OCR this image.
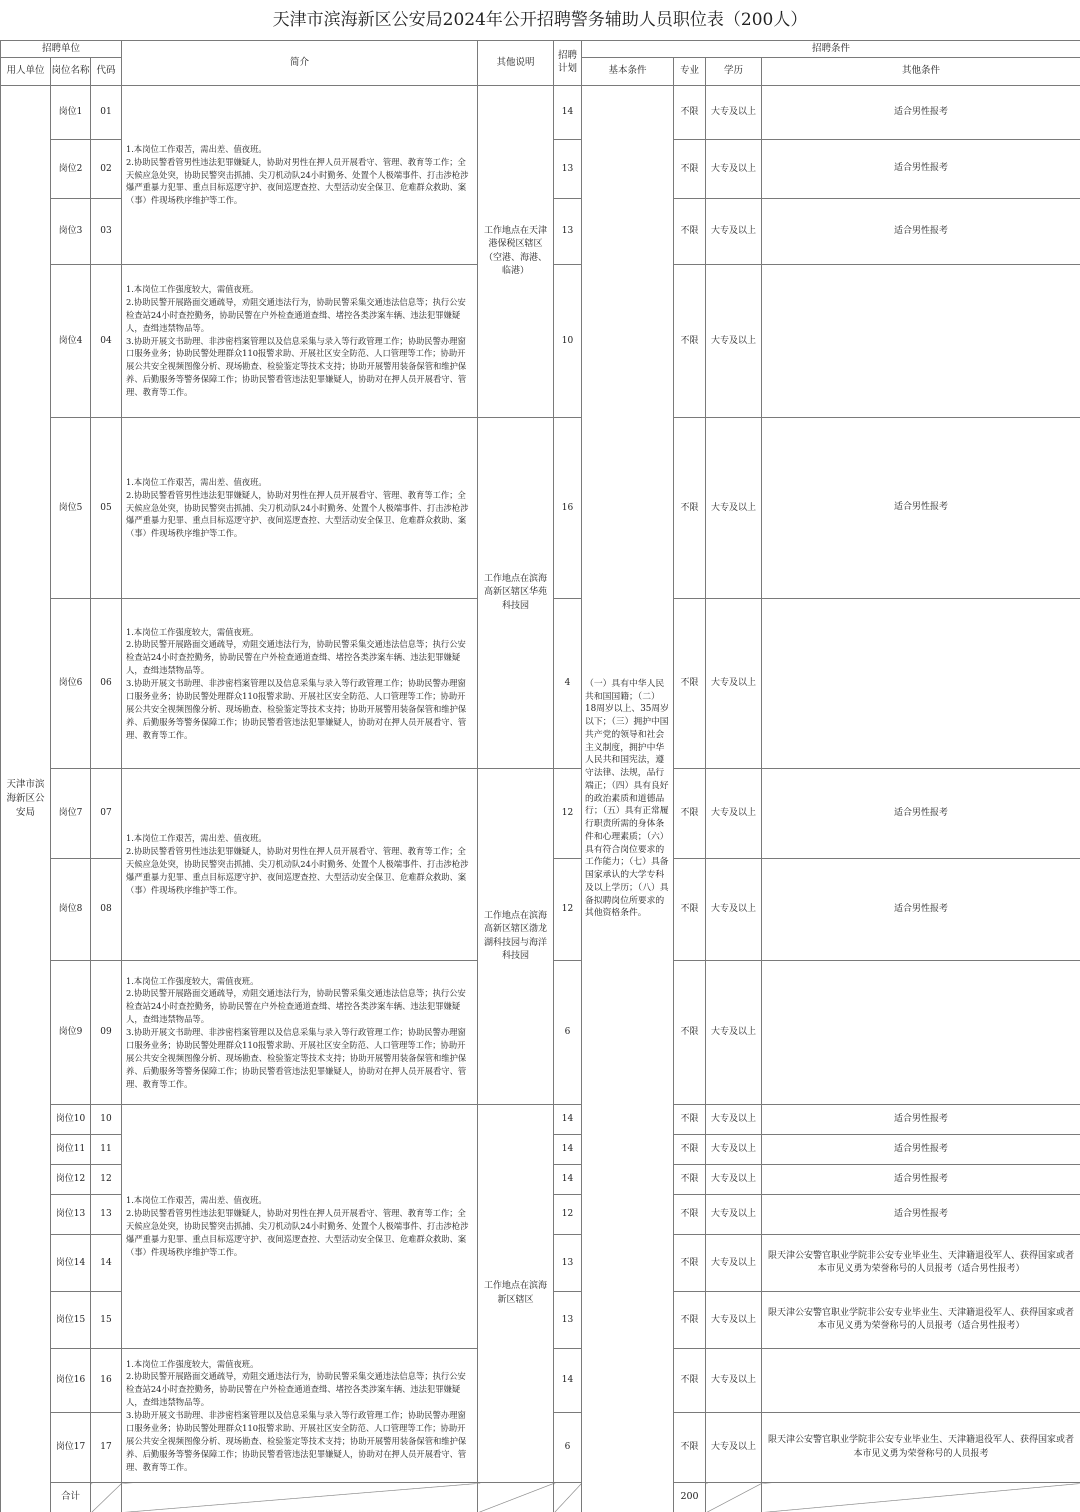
天津市滨海新区公安局2024年公开招聘警务辅助人员职位表（200人）
招聘单位			简介	其他说明	招聘计划	招聘条件				
用人单位	岗位名称	代码				基本条件	专业	学历	其他条件	
天津市滨海新区公安局	岗位1	01	1.本岗位工作艰苦，需出差、值夜班。
2.协助民警看管男性违法犯罪嫌疑人，协助对男性在押人员开展看守、管理、教育等工作；全天候应急处突，协助民警突击抓捕、尖刀机动队24小时勤务、处置个人极端事件、打击涉枪涉爆严重暴力犯罪、重点目标巡逻守护、夜间巡逻查控、大型活动安全保卫、危难群众救助、案（事）件现场秩序维护等工作。	工作地点在天津港保税区辖区（空港、海港、临港）	14	（一）具有中华人民共和国国籍；（二）18周岁以上、35周岁以下；（三）拥护中国共产党的领导和社会主义制度，拥护中华人民共和国宪法，遵守法律、法规，品行端正；（四）具有良好的政治素质和道德品行；（五）具有正常履行职责所需的身体条件和心理素质；（六）具有符合岗位要求的工作能力；（七）具备国家承认的大学专科及以上学历；（八）具备拟聘岗位所要求的其他资格条件。	不限	大专及以上	适合男性报考	
	岗位2	02			13		不限	大专及以上	适合男性报考	
	岗位3	03			13		不限	大专及以上	适合男性报考	
	岗位4	04	1.本岗位工作强度较大，需值夜班。
2.协助民警开展路面交通疏导，劝阻交通违法行为，协助民警采集交通违法信息等；执行公安检查站24小时查控勤务，协助民警在户外检查通道查缉、堵控各类涉案车辆、违法犯罪嫌疑人，查缉违禁物品等。
3.协助开展文书助理、非涉密档案管理以及信息采集与录入等行政管理工作；协助民警办理窗口服务业务；协助民警处理群众110报警求助、开展社区安全防范、人口管理等工作；协助开展公共安全视频图像分析、现场勘查、检验鉴定等技术支持；协助开展警用装备保管和维护保养、后勤服务等警务保障工作；协助民警看管违法犯罪嫌疑人，协助对在押人员开展看守、管理、教育等工作。		10		不限	大专及以上		
	岗位5	05	1.本岗位工作艰苦，需出差、值夜班。
2.协助民警看管男性违法犯罪嫌疑人，协助对男性在押人员开展看守、管理、教育等工作；全天候应急处突，协助民警突击抓捕、尖刀机动队24小时勤务、处置个人极端事件、打击涉枪涉爆严重暴力犯罪、重点目标巡逻守护、夜间巡逻查控、大型活动安全保卫、危难群众救助、案（事）件现场秩序维护等工作。	工作地点在滨海高新区辖区华苑科技园	16		不限	大专及以上	适合男性报考	
	岗位6	06	1.本岗位工作强度较大，需值夜班。
2.协助民警开展路面交通疏导，劝阻交通违法行为，协助民警采集交通违法信息等；执行公安检查站24小时查控勤务，协助民警在户外检查通道查缉、堵控各类涉案车辆、违法犯罪嫌疑人，查缉违禁物品等。
3.协助开展文书助理、非涉密档案管理以及信息采集与录入等行政管理工作；协助民警办理窗口服务业务；协助民警处理群众110报警求助、开展社区安全防范、人口管理等工作；协助开展公共安全视频图像分析、现场勘查、检验鉴定等技术支持；协助开展警用装备保管和维护保养、后勤服务等警务保障工作；协助民警看管违法犯罪嫌疑人，协助对在押人员开展看守、管理、教育等工作。		4		不限	大专及以上		
	岗位7	07	1.本岗位工作艰苦，需出差、值夜班。
2.协助民警看管男性违法犯罪嫌疑人，协助对男性在押人员开展看守、管理、教育等工作；全天候应急处突，协助民警突击抓捕、尖刀机动队24小时勤务、处置个人极端事件、打击涉枪涉爆严重暴力犯罪、重点目标巡逻守护、夜间巡逻查控、大型活动安全保卫、危难群众救助、案（事）件现场秩序维护等工作。	工作地点在滨海高新区辖区渤龙湖科技园与海洋科技园	12		不限	大专及以上	适合男性报考	
	岗位8	08			12		不限	大专及以上	适合男性报考	
	岗位9	09	1.本岗位工作强度较大，需值夜班。
2.协助民警开展路面交通疏导，劝阻交通违法行为，协助民警采集交通违法信息等；执行公安检查站24小时查控勤务，协助民警在户外检查通道查缉、堵控各类涉案车辆、违法犯罪嫌疑人，查缉违禁物品等。
3.协助开展文书助理、非涉密档案管理以及信息采集与录入等行政管理工作；协助民警办理窗口服务业务；协助民警处理群众110报警求助、开展社区安全防范、人口管理等工作；协助开展公共安全视频图像分析、现场勘查、检验鉴定等技术支持；协助开展警用装备保管和维护保养、后勤服务等警务保障工作；协助民警看管违法犯罪嫌疑人，协助对在押人员开展看守、管理、教育等工作。		6		不限	大专及以上		
	岗位10	10	1.本岗位工作艰苦，需出差、值夜班。
2.协助民警看管男性违法犯罪嫌疑人，协助对男性在押人员开展看守、管理、教育等工作；全天候应急处突，协助民警突击抓捕、尖刀机动队24小时勤务、处置个人极端事件、打击涉枪涉爆严重暴力犯罪、重点目标巡逻守护、夜间巡逻查控、大型活动安全保卫、危难群众救助、案（事）件现场秩序维护等工作。	工作地点在滨海新区辖区	14		不限	大专及以上	适合男性报考	
	岗位11	11			14		不限	大专及以上	适合男性报考	
	岗位12	12			14		不限	大专及以上	适合男性报考	
	岗位13	13			12		不限	大专及以上	适合男性报考	
	岗位14	14			13		不限	大专及以上	限天津公安警官职业学院非公安专业毕业生、天津籍退役军人、获得国家或者本市见义勇为荣誉称号的人员报考（适合男性报考）	
	岗位15	15			13		不限	大专及以上	限天津公安警官职业学院非公安专业毕业生、天津籍退役军人、获得国家或者本市见义勇为荣誉称号的人员报考（适合男性报考）	
	岗位16	16	1.本岗位工作强度较大，需值夜班。
2.协助民警开展路面交通疏导，劝阻交通违法行为，协助民警采集交通违法信息等；执行公安检查站24小时查控勤务，协助民警在户外检查通道查缉、堵控各类涉案车辆、违法犯罪嫌疑人，查缉违禁物品等。
3.协助开展文书助理、非涉密档案管理以及信息采集与录入等行政管理工作；协助民警办理窗口服务业务；协助民警处理群众110报警求助、开展社区安全防范、人口管理等工作；协助开展公共安全视频图像分析、现场勘查、检验鉴定等技术支持；协助开展警用装备保管和维护保养、后勤服务等警务保障工作；协助民警看管违法犯罪嫌疑人，协助对在押人员开展看守、管理、教育等工作。		14		不限	大专及以上		
	岗位17	17			6		不限	大专及以上	限天津公安警官职业学院非公安专业毕业生、天津籍退役军人、获得国家或者本市见义勇为荣誉称号的人员报考	
	合计						200				
